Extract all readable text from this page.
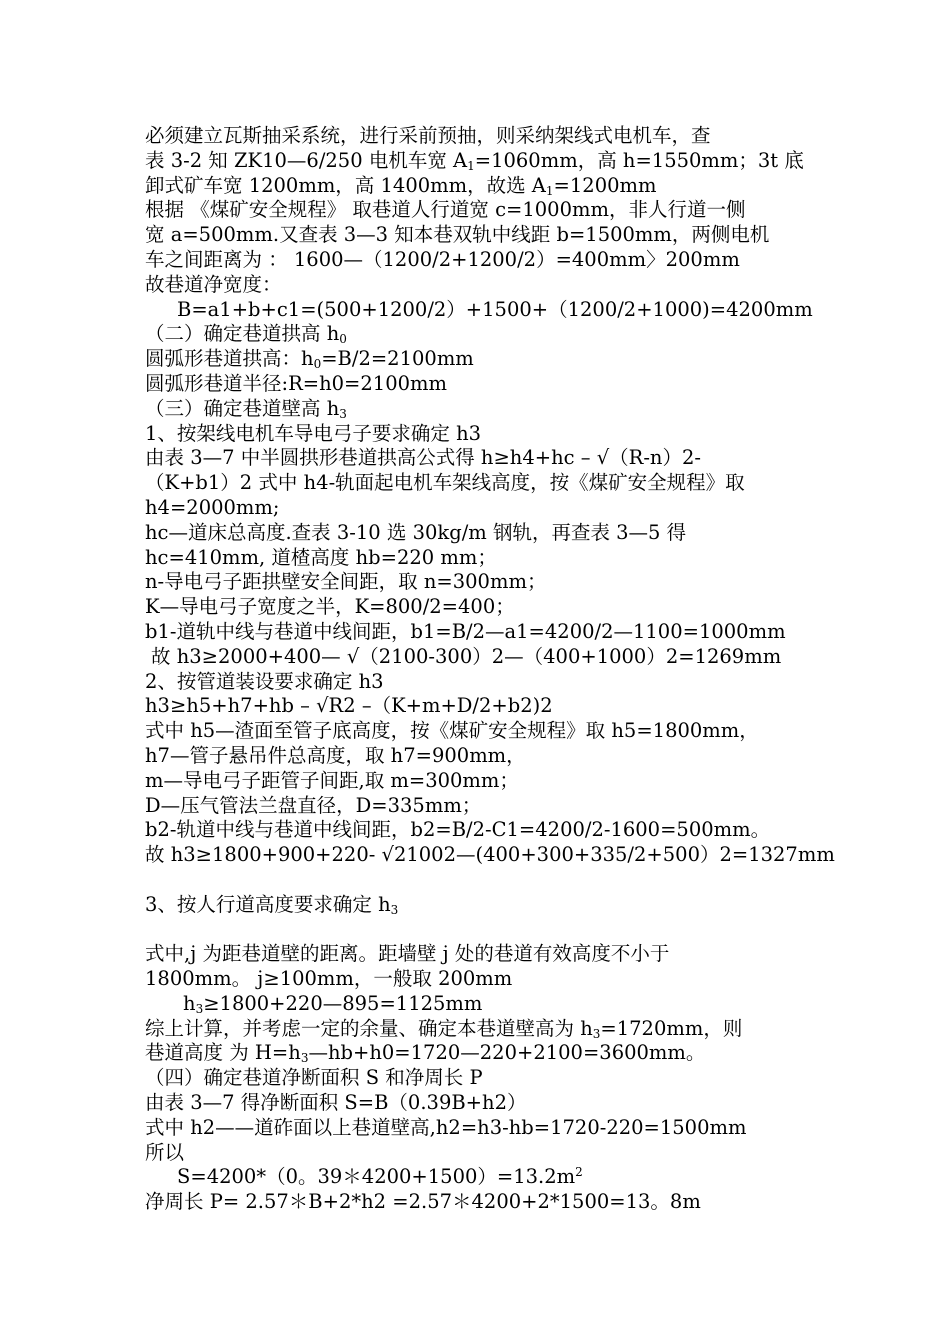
必须建立瓦斯抽采系统，进行采前预抽，则采纳架线式电机车，查

表 3-2 知 ZK10—6/250 电机车宽 $A_1=1060mm$，高 h=1550mm；3t 底

卸式矿车宽 1200mm，高 1400mm，故选 $A_1=1200mm$

根据 《煤矿安全规程》 取巷道人行道宽 c=1000mm，非人行道一侧

宽 a=500mm.又查表 3—3 知本巷双轨中线距 b=1500mm，两侧电机

车之间距离为 ： 1600—（1200/2+1200/2）=400mm〉200mm

故巷道净宽度：

B=a1+b+c1=(500+1200/2）+1500+（1200/2+1000)=4200mm

（二）确定巷道拱高 $h_0$

圆弧形巷道拱高：$h_0=B/2=2100mm$

圆弧形巷道半径:R=h0=2100mm

（三）确定巷道壁高 $h_3$

1、按架线电机车导电弓子要求确定 h3

由表 3—7 中半圆拱形巷道拱高公式得 h≥h4+hc – √（R-n）2-

（K+b1）2 式中 h4-轨面起电机车架线高度，按《煤矿安全规程》取

h4=2000mm;

hc—道床总高度.查表 3-10 选 30kg/m 钢轨，再查表 3—5 得

hc=410mm, 道楂高度 hb=220 mm；

n-导电弓子距拱壁安全间距，取 n=300mm；

K—导电弓子宽度之半，K=800/2=400；

b1-道轨中线与巷道中线间距，b1=B/2—a1=4200/2—1100=1000mm

故 h3≥2000+400— √（2100-300）2—（400+1000）2=1269mm

2、按管道装设要求确定 h3

h3≥h5+h7+hb – √R2 –（K+m+D/2+b2)2

式中 h5—渣面至管子底高度，按《煤矿安全规程》取 h5=1800mm，

h7—管子悬吊件总高度，取 h7=900mm，

m—导电弓子距管子间距,取 m=300mm；

D—压气管法兰盘直径，D=335mm；

b2-轨道中线与巷道中线间距，b2=B/2-C1=4200/2-1600=500mm。

故 h3≥1800+900+220- √21002—(400+300+335/2+500）2=1327mm

3、按人行道高度要求确定 $h_3$

式中,j 为距巷道壁的距离。距墙壁 j 处的巷道有效高度不小于

1800mm。 j≥100mm，一般取 200mm

$h_3\ge 1800+220—895=1125mm$

综上计算，并考虑一定的余量、确定本巷道壁高为 $h_3=1720mm$，则

巷道高度 为 $H=h_3—hb+h0=1720—220+2100=3600mm$。

（四）确定巷道净断面积 S 和净周长 P

由表 3—7 得净断面积 S=B（0.39B+h2）

式中 h2——道砟面以上巷道壁高,h2=h3-hb=1720-220=1500mm

所以

S=4200*（0。$39*4200+1500)=13.2m^2$

净周长 P= 2.57＊B+2*h2 =2.57＊4200+2*1500=13。8m
